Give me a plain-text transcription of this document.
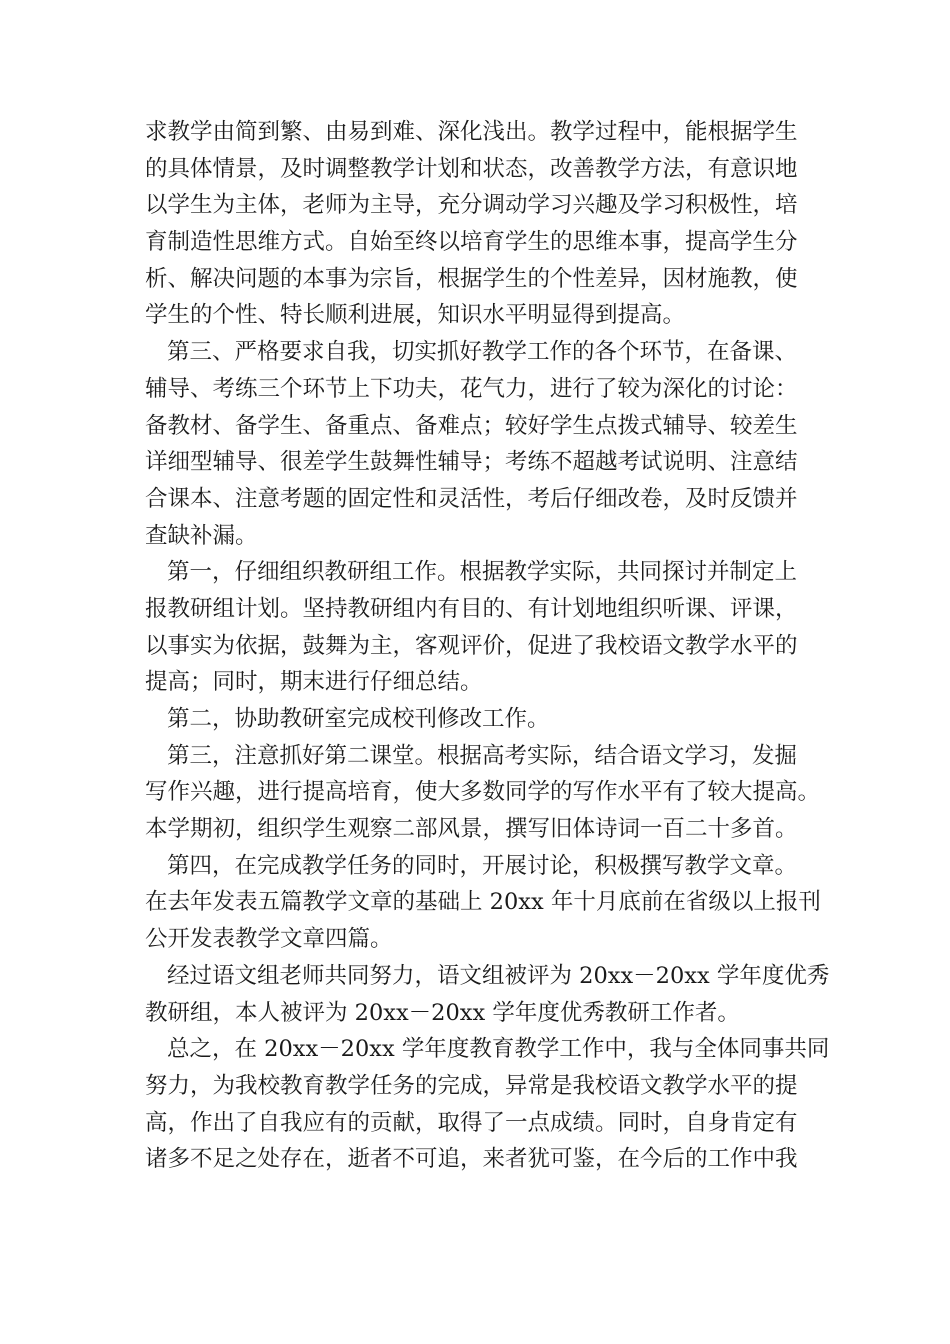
求教学由简到繁、由易到难、深化浅出。教学过程中，能根据学生
的具体情景，及时调整教学计划和状态，改善教学方法，有意识地
以学生为主体，老师为主导，充分调动学习兴趣及学习积极性，培
育制造性思维方式。自始至终以培育学生的思维本事，提高学生分
析、解决问题的本事为宗旨，根据学生的个性差异，因材施教，使
学生的个性、特长顺利进展，知识水平明显得到提高。
第三、严格要求自我，切实抓好教学工作的各个环节，在备课、
辅导、考练三个环节上下功夫，花气力，进行了较为深化的讨论：
备教材、备学生、备重点、备难点；较好学生点拨式辅导、较差生
详细型辅导、很差学生鼓舞性辅导；考练不超越考试说明、注意结
合课本、注意考题的固定性和灵活性，考后仔细改卷，及时反馈并
查缺补漏。
第一，仔细组织教研组工作。根据教学实际，共同探讨并制定上
报教研组计划。坚持教研组内有目的、有计划地组织听课、评课，
以事实为依据，鼓舞为主，客观评价，促进了我校语文教学水平的
提高；同时，期末进行仔细总结。
第二，协助教研室完成校刊修改工作。
第三，注意抓好第二课堂。根据高考实际，结合语文学习，发掘
写作兴趣，进行提高培育，使大多数同学的写作水平有了较大提高。
本学期初，组织学生观察二部风景，撰写旧体诗词一百二十多首。
第四，在完成教学任务的同时，开展讨论，积极撰写教学文章。
在去年发表五篇教学文章的基础上 20xx 年十月底前在省级以上报刊
公开发表教学文章四篇。
经过语文组老师共同努力，语文组被评为 20xx－20xx 学年度优秀
教研组，本人被评为 20xx－20xx 学年度优秀教研工作者。
总之，在 20xx－20xx 学年度教育教学工作中，我与全体同事共同
努力，为我校教育教学任务的完成，异常是我校语文教学水平的提
高，作出了自我应有的贡献，取得了一点成绩。同时，自身肯定有
诸多不足之处存在，逝者不可追，来者犹可鉴，在今后的工作中我
